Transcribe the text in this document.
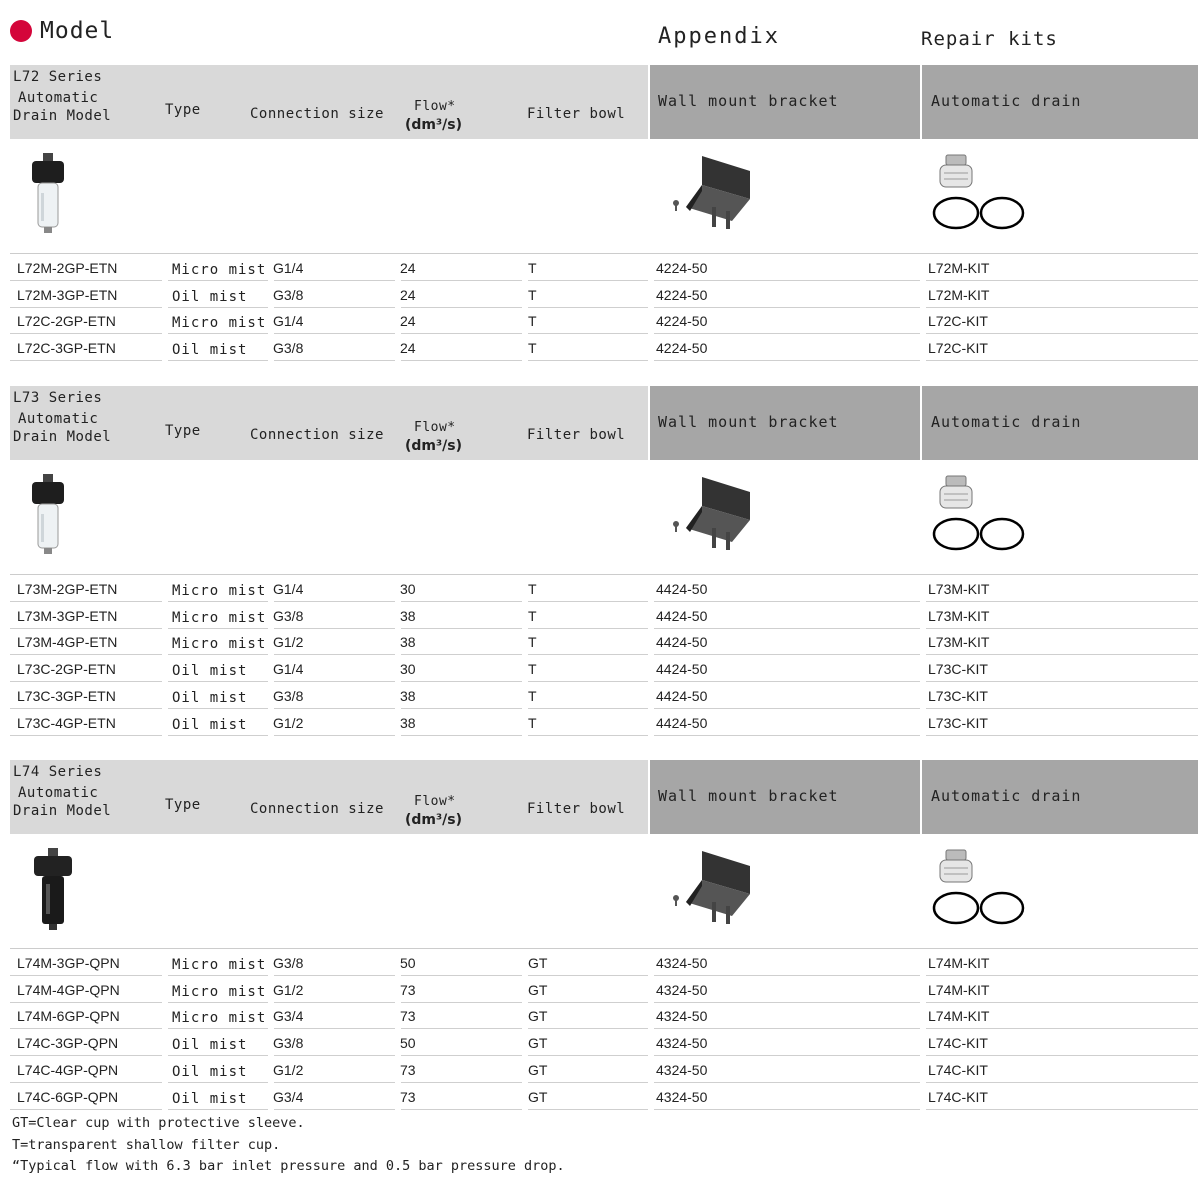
Model	Appendix	Repair kits
L72 Series
Automatic
Drain Model	Type	Connection size Flow*
(dm³/s)
Filter bowl
Wall mount bracket	Automatic drain
L72M-2GP-ETN	Micro mist G1/4	24	T	4224-50	L72M-KIT
L72M-3GP-ETN	Oil mist G3/8	24	T	4224-50	L72M-KIT
L72C-2GP-ETN	Micro mist G1/4	24	T	4224-50	L72C-KIT
L72C-3GP-ETN	Oil mist G3/8	24	T	4224-50	L72C-KIT
L73 Series
Automatic
Drain Model	Type	Connection size Flow*
(dm³/s)
Filter bowl
Wall mount bracket	Automatic drain
L73M-2GP-ETN	Micro mist G1/4	30	T	4424-50	L73M-KIT
L73M-3GP-ETN	Micro mist G3/8	38	T	4424-50	L73M-KIT
L73M-4GP-ETN	Micro mist G1/2	38	T	4424-50	L73M-KIT
L73C-2GP-ETN	Oil mist G1/4	30	T	4424-50	L73C-KIT
L73C-3GP-ETN	Oil mist G3/8	38	T	4424-50	L73C-KIT
L73C-4GP-ETN	Oil mist G1/2	38	T	4424-50	L73C-KIT
L74 Series
Automatic
Drain Model	Type	Connection size Flow*
(dm³/s)
Filter bowl
Wall mount bracket	Automatic drain
L74M-3GP-QPN	Micro mist G3/8	50	GT	4324-50	L74M-KIT
L74M-4GP-QPN	Micro mist G1/2	73	GT	4324-50	L74M-KIT
L74M-6GP-QPN	Micro mist G3/4	73	GT	4324-50	L74M-KIT
L74C-3GP-QPN	Oil mist G3/8	50	GT	4324-50	L74C-KIT
L74C-4GP-QPN	Oil mist G1/2	73	GT	4324-50	L74C-KIT
L74C-6GP-QPN	Oil mist G3/4	73	GT	4324-50	L74C-KIT
GT=Clear cup with protective sleeve.
T=transparent shallow filter cup.
“Typical flow with 6.3 bar inlet pressure and 0.5 bar pressure drop.
